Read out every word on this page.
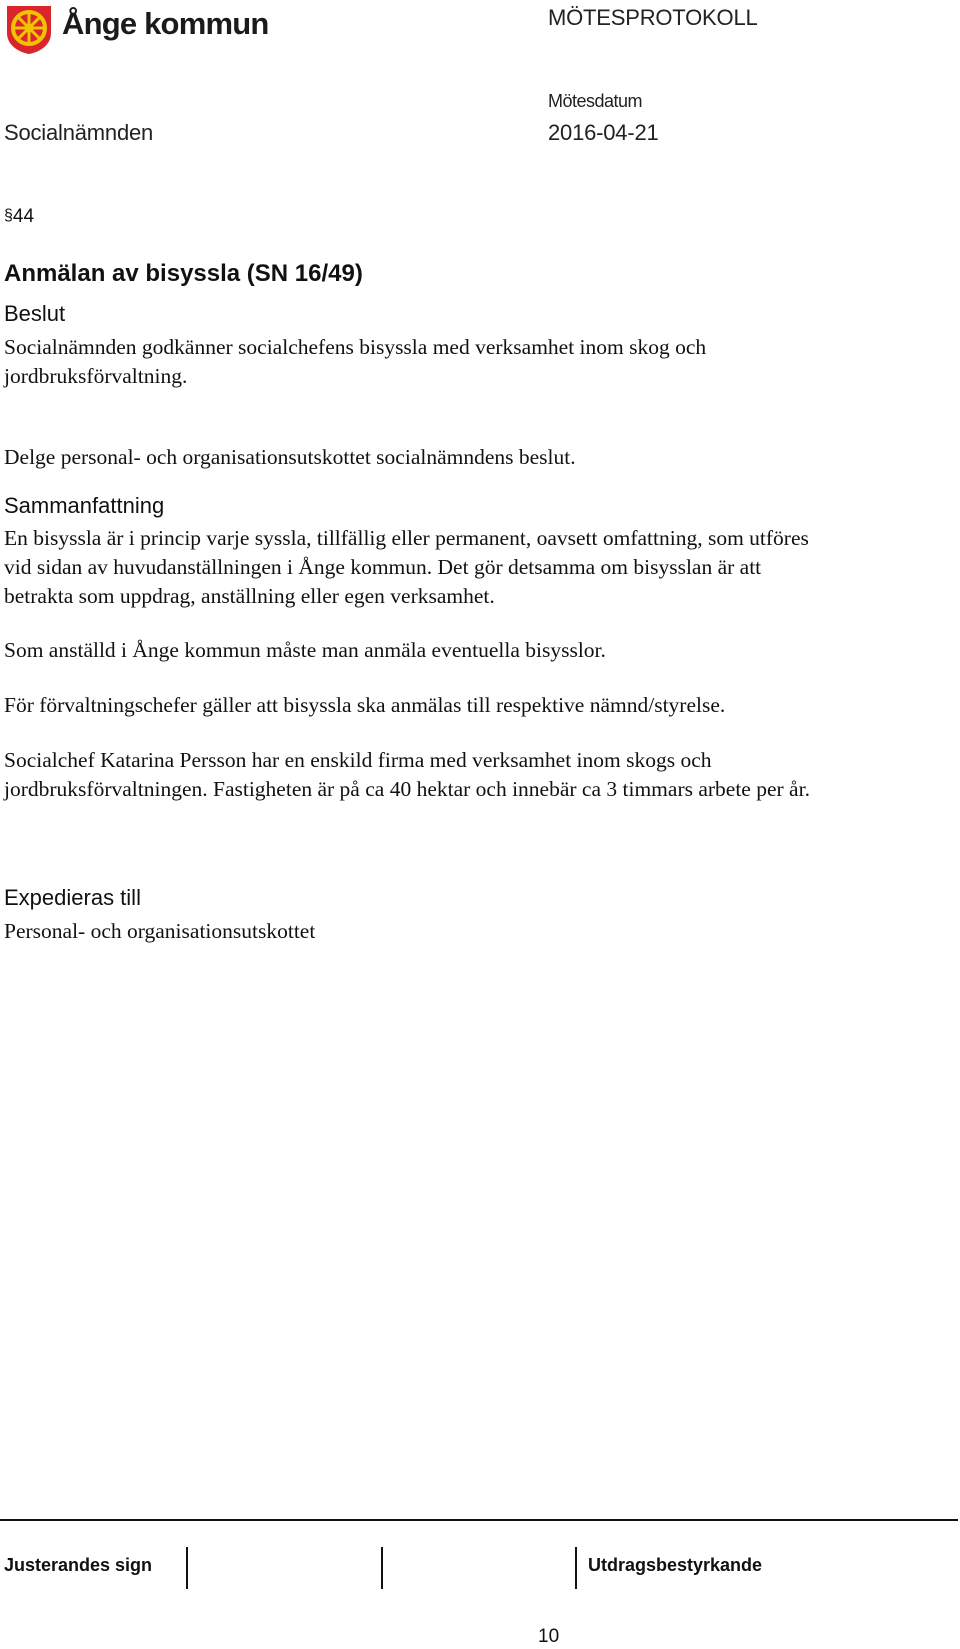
Ånge kommun	MÖTESPROTOKOLL
Mötesdatum
Socialnämnden	2016-04-21
§44
Anmälan av bisyssla (SN 16/49)
Beslut
Socialnämnden godkänner socialchefens bisyssla med verksamhet inom skog och
jordbruksförvaltning.
Delge personal- och organisationsutskottet socialnämndens beslut.
Sammanfattning
En bisyssla är i princip varje syssla, tillfällig eller permanent, oavsett omfattning, som utföres
vid sidan av huvudanställningen i Ånge kommun. Det gör detsamma om bisysslan är att
betrakta som uppdrag, anställning eller egen verksamhet.
Som anställd i Ånge kommun måste man anmäla eventuella bisysslor.
För förvaltningschefer gäller att bisyssla ska anmälas till respektive nämnd/styrelse.
Socialchef Katarina Persson har en enskild firma med verksamhet inom skogs och
jordbruksförvaltningen. Fastigheten är på ca 40 hektar och innebär ca 3 timmars arbete per år.
Expedieras till
Personal- och organisationsutskottet
Justerandes sign	Utdragsbestyrkande
10
